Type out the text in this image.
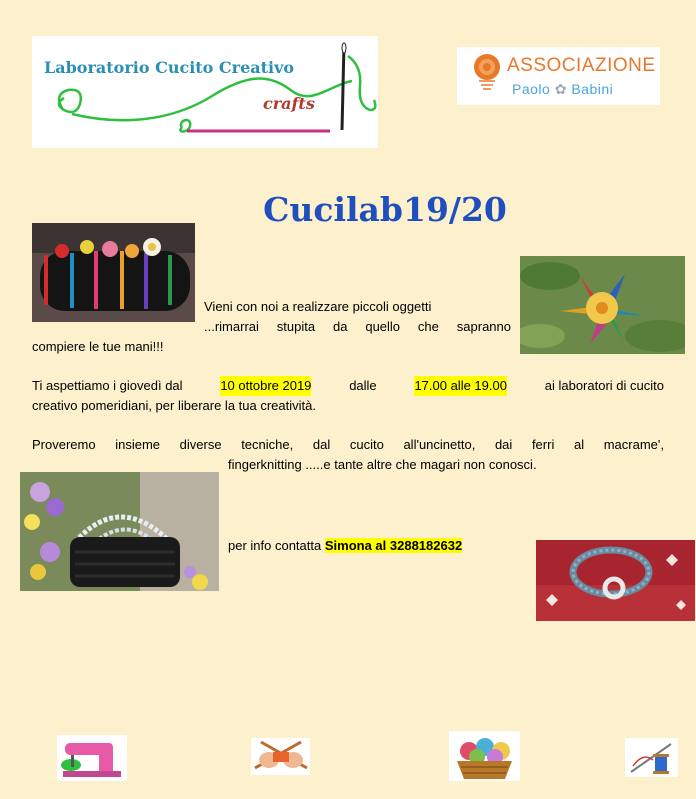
Laboratorio Cucito Creativo
crafts
ASSOCIAZIONE
Paolo ✿ Babini
Cucilab19/20
Vieni con noi a realizzare piccoli oggetti
...rimarrai stupita da quello che sapranno
compiere le tue mani!!!
Ti aspettiamo i giovedì dal	10 ottobre 2019	dalle	17.00 alle 19.00	ai laboratori di cucito
creativo pomeridiani, per liberare la tua creatività.
Proveremo insieme diverse tecniche, dal cucito all'uncinetto, dai ferri al macrame',
fingerknitting .....e tante altre che magari non conosci.
per info contatta Simona al 3288182632
